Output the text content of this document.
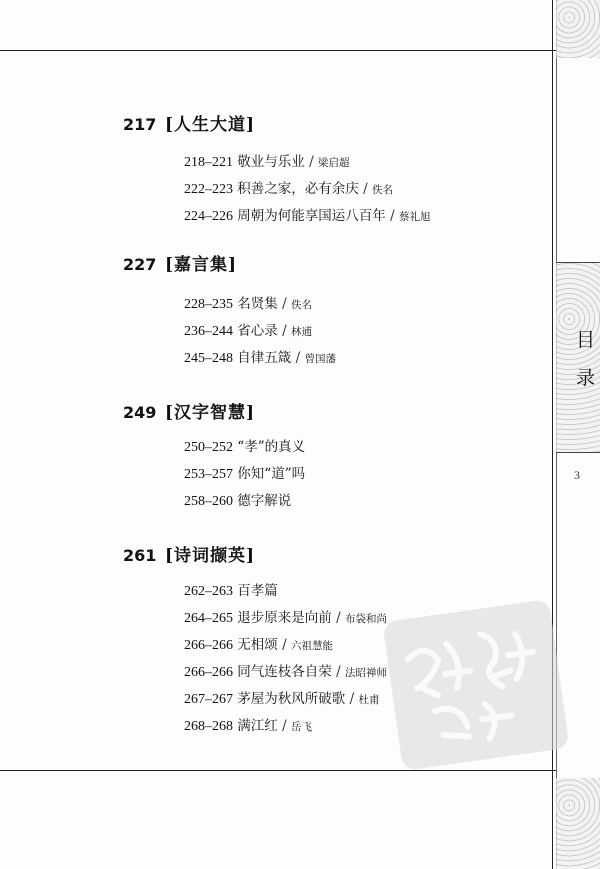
目
录
3
217 [人生大道]
218–221 敬业与乐业 / 梁启超
222–223 积善之家，必有余庆 / 佚名
224–226 周朝为何能享国运八百年 / 蔡礼旭
227 [嘉言集]
228–235 名贤集 / 佚名
236–244 省心录 / 林逋
245–248 自律五箴 / 曾国藩
249 [汉字智慧]
250–252 “孝”的真义
253–257 你知“道”吗
258–260 德字解说
261 [诗词撷英]
262–263 百孝篇
264–265 退步原来是向前 / 布袋和尚
266–266 无相颂 / 六祖慧能
266–266 同气连枝各自荣 / 法昭禅师
267–267 茅屋为秋风所破歌 / 杜甫
268–268 满江红 / 岳飞
